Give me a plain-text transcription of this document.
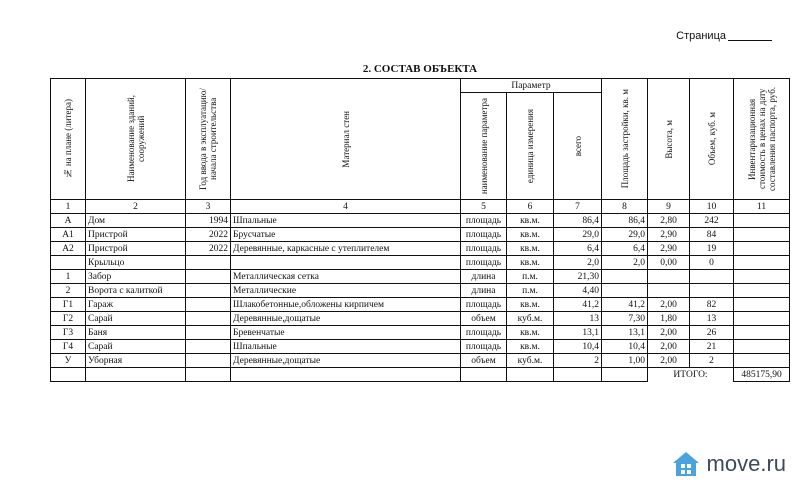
Страница
2. СОСТАВ ОБЪЕКТА
№ на плане (литера)	Наименование зданий, сооружений	Год ввода в эксплуатацию/начала строительства	Материал стен	Параметр			Площадь застройки, кв. м	Высота, м	Объем, куб. м	Инвентаризационная стоимость в ценах на дату составления паспорта, руб.

				наименование параметра	единица измерения	всего				

1	2	3	4	5	6	7	8	9	10	11
А	Дом	1994	Шпальные	площадь	кв.м.	86,4	86,4	2,80	242	
А1	Пристрой	2022	Брусчатые	площадь	кв.м.	29,0	29,0	2,90	84	
А2	Пристрой	2022	Деревянные, каркасные с утеплителем	площадь	кв.м.	6,4	6,4	2,90	19	
	Крыльцо			площадь	кв.м.	2,0	2,0	0,00	0	
1	Забор		Металлическая сетка	длина	п.м.	21,30				
2	Ворота с калиткой		Металлические	длина	п.м.	4,40				
Г1	Гараж		Шлакобетонные,обложены кирпичем	площадь	кв.м.	41,2	41,2	2,00	82	
Г2	Сарай		Деревянные,дощатые	объем	куб.м.	13	7,30	1,80	13	
Г3	Баня		Бревенчатые	площадь	кв.м.	13,1	13,1	2,00	26	
Г4	Сарай		Шпальные	площадь	кв.м.	10,4	10,4	2,00	21	
У	Уборная		Деревянные,дощатые	объем	куб.м.	2	1,00	2,00	2	
								ИТОГО:		485175,90
move.ru
